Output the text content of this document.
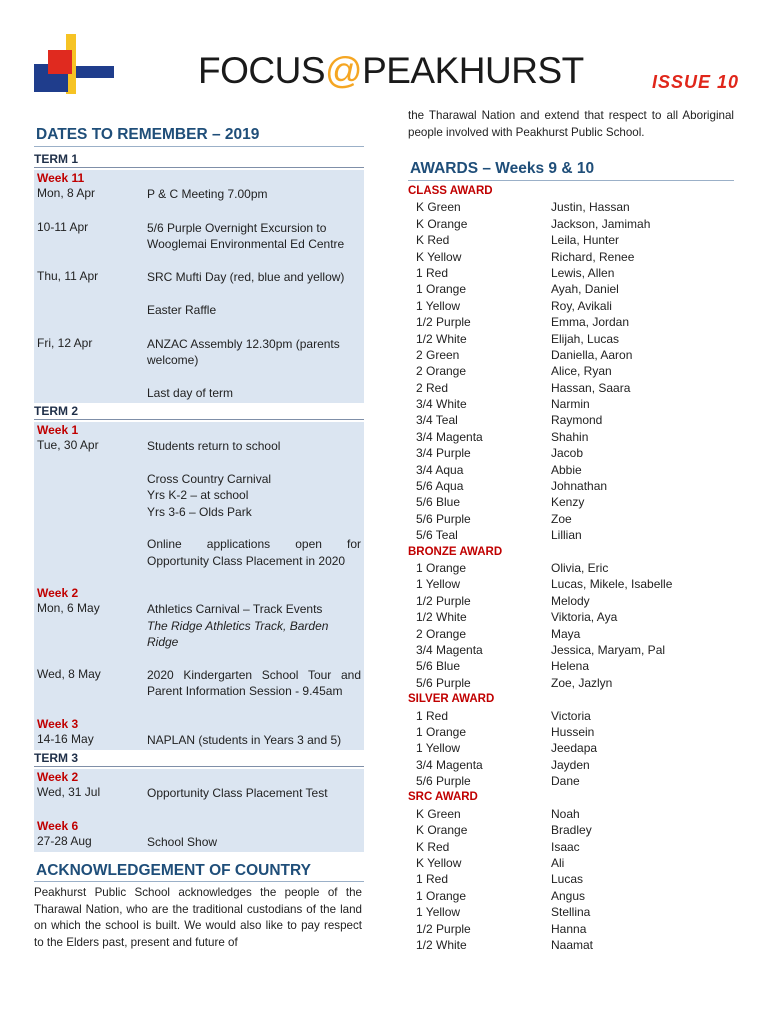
FOCUS@PEAKHURST	ISSUE 10
DATES TO REMEMBER – 2019
TERM 1
Week 11
Mon, 8 Apr	P & C Meeting 7.00pm
10-11 Apr	5/6 Purple Overnight Excursion to
Wooglemai Environmental Ed Centre
Thu, 11 Apr	SRC Mufti Day (red, blue and yellow)
Easter Raffle
Fri, 12 Apr	ANZAC Assembly 12.30pm (parents
welcome)
Last day of term
TERM 2
Week 1
Tue, 30 Apr	Students return to school
Cross Country Carnival
Yrs K-2 – at school
Yrs 3-6 – Olds Park
Online applications open for
Opportunity Class Placement in 2020
Week 2
Mon, 6 May	Athletics Carnival – Track Events
The Ridge Athletics Track, Barden
Ridge
Wed, 8 May	2020 Kindergarten School Tour and
Parent Information Session - 9.45am
Week 3
14-16 May	NAPLAN (students in Years 3 and 5)
TERM 3
Week 2
Wed, 31 Jul	Opportunity Class Placement Test
Week 6
27-28 Aug	School Show
ACKNOWLEDGEMENT OF COUNTRY

Peakhurst Public School acknowledges the people of the Tharawal Nation, who are the traditional custodians of the land on which the school is built. We would also like to pay respect to the Elders past, present and future of

the Tharawal Nation and extend that respect to all Aboriginal people involved with Peakhurst Public School.

AWARDS – Weeks 9 & 10
CLASS AWARD
K Green	Justin, Hassan
K Orange	Jackson, Jamimah
K Red	Leila, Hunter
K Yellow	Richard, Renee
1 Red	Lewis, Allen
1 Orange	Ayah, Daniel
1 Yellow	Roy, Avikali
1/2 Purple	Emma, Jordan
1/2 White	Elijah, Lucas
2 Green	Daniella, Aaron
2 Orange	Alice, Ryan
2 Red	Hassan, Saara
3/4 White	Narmin
3/4 Teal	Raymond
3/4 Magenta	Shahin
3/4 Purple	Jacob
3/4 Aqua	Abbie
5/6 Aqua	Johnathan
5/6 Blue	Kenzy
5/6 Purple	Zoe
5/6 Teal	Lillian
BRONZE AWARD
1 Orange	Olivia, Eric
1 Yellow	Lucas, Mikele, Isabelle
1/2 Purple	Melody
1/2 White	Viktoria, Aya
2 Orange	Maya
3/4 Magenta	Jessica, Maryam, Pal
5/6 Blue	Helena
5/6 Purple	Zoe, Jazlyn
SILVER AWARD
1 Red	Victoria
1 Orange	Hussein
1 Yellow	Jeedapa
3/4 Magenta	Jayden
5/6 Purple	Dane
SRC AWARD
K Green	Noah
K Orange	Bradley
K Red	Isaac
K Yellow	Ali
1 Red	Lucas
1 Orange	Angus
1 Yellow	Stellina
1/2 Purple	Hanna
1/2 White	Naamat
